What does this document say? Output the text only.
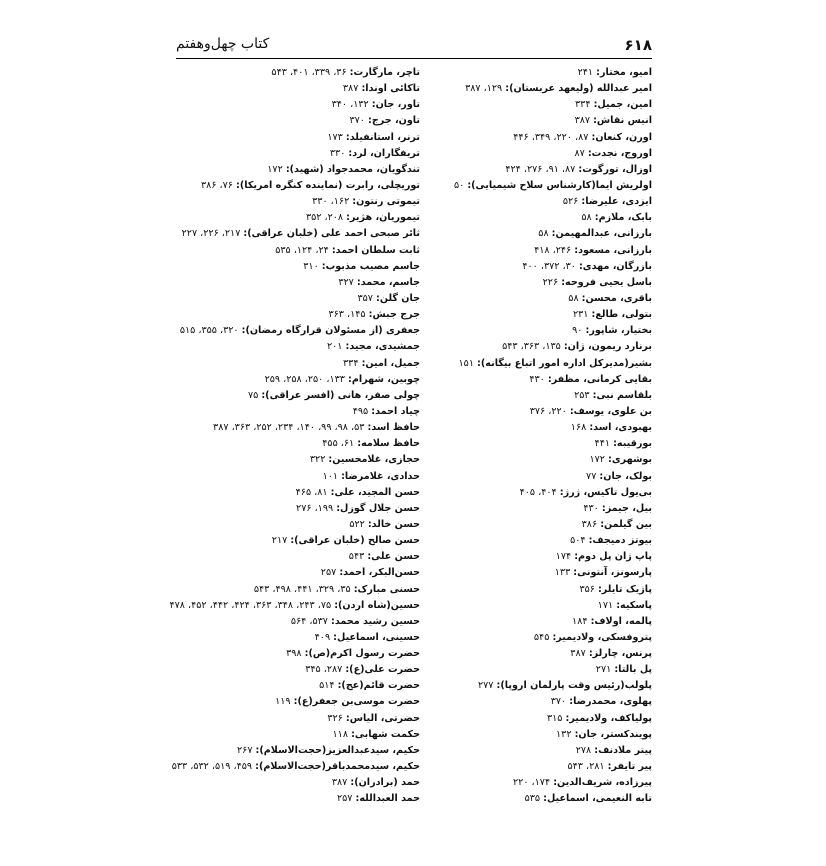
۶۱۸
کتاب چهل‌وهفتم
امیو، مختار: ۲۴۱
امیر عبدالله (ولیعهد عربستان): ۱۲۹، ۳۸۷
امین، جمیل: ۳۳۴
انیس نقاش: ۳۸۷
اورن، کنعان: ۸۷، ۲۲۰، ۳۴۹، ۴۴۶
اوروج، نجدت: ۸۷
اوزال، تورگوت: ۸۷، ۹۱، ۲۷۶، ۴۲۴
اولریش ایما(کارشناس سلاح شیمیایی): ۵۰
ایزدی، علیرضا: ۵۲۶
بابک، ملازم: ۵۸
بارزانی، عبدالمهیمن: ۵۸
بارزانی، مسعود: ۲۴۶، ۴۱۸
بازرگان، مهدی: ۳۰، ۳۷۲، ۴۰۰
باسل یحیی فروحه: ۲۲۶
باقری، محسن: ۵۸
بتولی، طالع: ۲۳۱
بختیار، شاپور: ۹۰
برنارد ریمون، ژان: ۱۳۵، ۳۶۳، ۵۴۳
بشیر(مدیرکل اداره امور اتباع بیگانه): ۱۵۱
بقایی کرمانی، مظفر: ۴۳۰
بلقاسم نبی: ۲۵۳
بن علوی، یوسف: ۲۲۰، ۳۷۶
بهبودی، اسد: ۱۶۸
بورقیبه: ۴۴۱
بوشهری: ۱۷۲
بولک، جان: ۷۷
بی‌یول تاکیس، ژرژ: ۴۰۴، ۴۰۵
بیل، جیمز: ۴۳۰
بین گیلمن: ۳۸۶
بیوتز دمیجف: ۵۰۴
پاپ ژان پل دوم: ۱۷۴
پارسونز، آنتونی: ۱۳۳
پاژیک تایلر: ۳۵۶
پاسکیه: ۱۷۱
پالمه، اولاف: ۱۸۴
پتروفسکی، ولادیمیر: ۵۴۵
پرنس، چارلز: ۳۸۷
پل بالتا: ۲۷۱
پلولب(رئیس وقت پارلمان اروپا): ۲۷۷
پهلوی، محمدرضا: ۳۷۰
پولیاکف، ولادیمیر: ۳۱۵
پویندکستر، جان: ۱۳۲
پیتر ملادنف: ۲۷۸
پیر تایفر: ۲۸۱، ۵۴۳
پیرزاده، شریف‌الدین: ۱۷۴، ۲۲۰
تابه النعیمی، اسماعیل: ۵۳۵
تاچر، مارگارت: ۳۶، ۳۳۹، ۴۰۱، ۵۴۳
تاکائی اوندا: ۳۸۷
تاور، جان: ۱۳۲، ۳۴۰
تاون، جرج: ۳۷۰
ترنر، استانفیلد: ۱۷۳
تریفگاران، لرد: ۳۳۰
تندگویان، محمدجواد (شهید): ۱۷۲
توریچلی، رابرت (نماینده کنگره امریکا): ۷۶، ۳۸۶
تیموتی رنتون: ۱۶۲، ۳۳۰
تیموریان، هژیر: ۲۰۸، ۳۵۲
ثائر صبحی احمد علی (خلبان عراقی): ۲۱۷، ۲۲۶، ۲۲۷
ثابت سلطان احمد: ۲۴، ۱۲۴، ۵۳۵
جاسم مصیب مذبوب: ۳۱۰
جاسم، محمد: ۳۲۷
جان گلن: ۳۵۷
جرج جبش: ۱۴۵، ۳۶۳
جعفری (از مسئولان قرارگاه رمضان): ۳۲۰، ۳۵۵، ۵۱۵
جمشیدی، مجید: ۲۰۱
جمیل، امین: ۳۳۴
چوبین، شهرام: ۱۳۳، ۲۵۰، ۲۵۸، ۲۵۹
چولی صفر، هانی (افسر عراقی): ۷۵
چیاد احمد: ۴۹۵
حافظ اسد: ۵۳، ۹۸، ۹۹، ۱۴۰، ۲۳۴، ۲۵۲، ۳۶۳، ۳۸۷
حافظ سلامه: ۶۱، ۴۵۵
حجازی، غلامحسین: ۳۲۲
حدادی، غلامرضا: ۱۰۱
حسن المجید، علی: ۸۱، ۴۶۵
حسن جلال گوزل: ۱۹۹، ۲۷۶
حسن خالد: ۵۲۲
حسن صالح (خلبان عراقی): ۲۱۷
حسن علی: ۵۴۳
حسن‌البکر، احمد: ۲۵۷
حسنی مبارک: ۳۵، ۳۲۹، ۴۴۱، ۴۹۸، ۵۴۳
حسین(شاه اردن): ۷۵، ۲۴۳، ۳۴۸، ۳۶۳، ۴۲۴، ۴۴۲، ۴۵۲، ۴۷۸
حسین رشید محمد: ۵۳۷، ۵۶۴
حسینی، اسماعیل: ۴۰۹
حضرت رسول اکرم(ص): ۳۹۸
حضرت علی(ع): ۲۸۷، ۳۴۵
حضرت قائم(عج): ۵۱۴
حضرت موسی‌بن جعفر(ع): ۱۱۹
حضرتی، الیاس: ۳۲۶
حکمت شهابی: ۱۱۸
حکیم، سیدعبدالعزیز(حجت‌الاسلام): ۲۶۷
حکیم، سیدمحمدباقر(حجت‌الاسلام): ۴۵۹، ۵۱۹، ۵۳۲، ۵۳۳
حمد (برادران): ۳۸۷
حمد العبدالله: ۲۵۷
